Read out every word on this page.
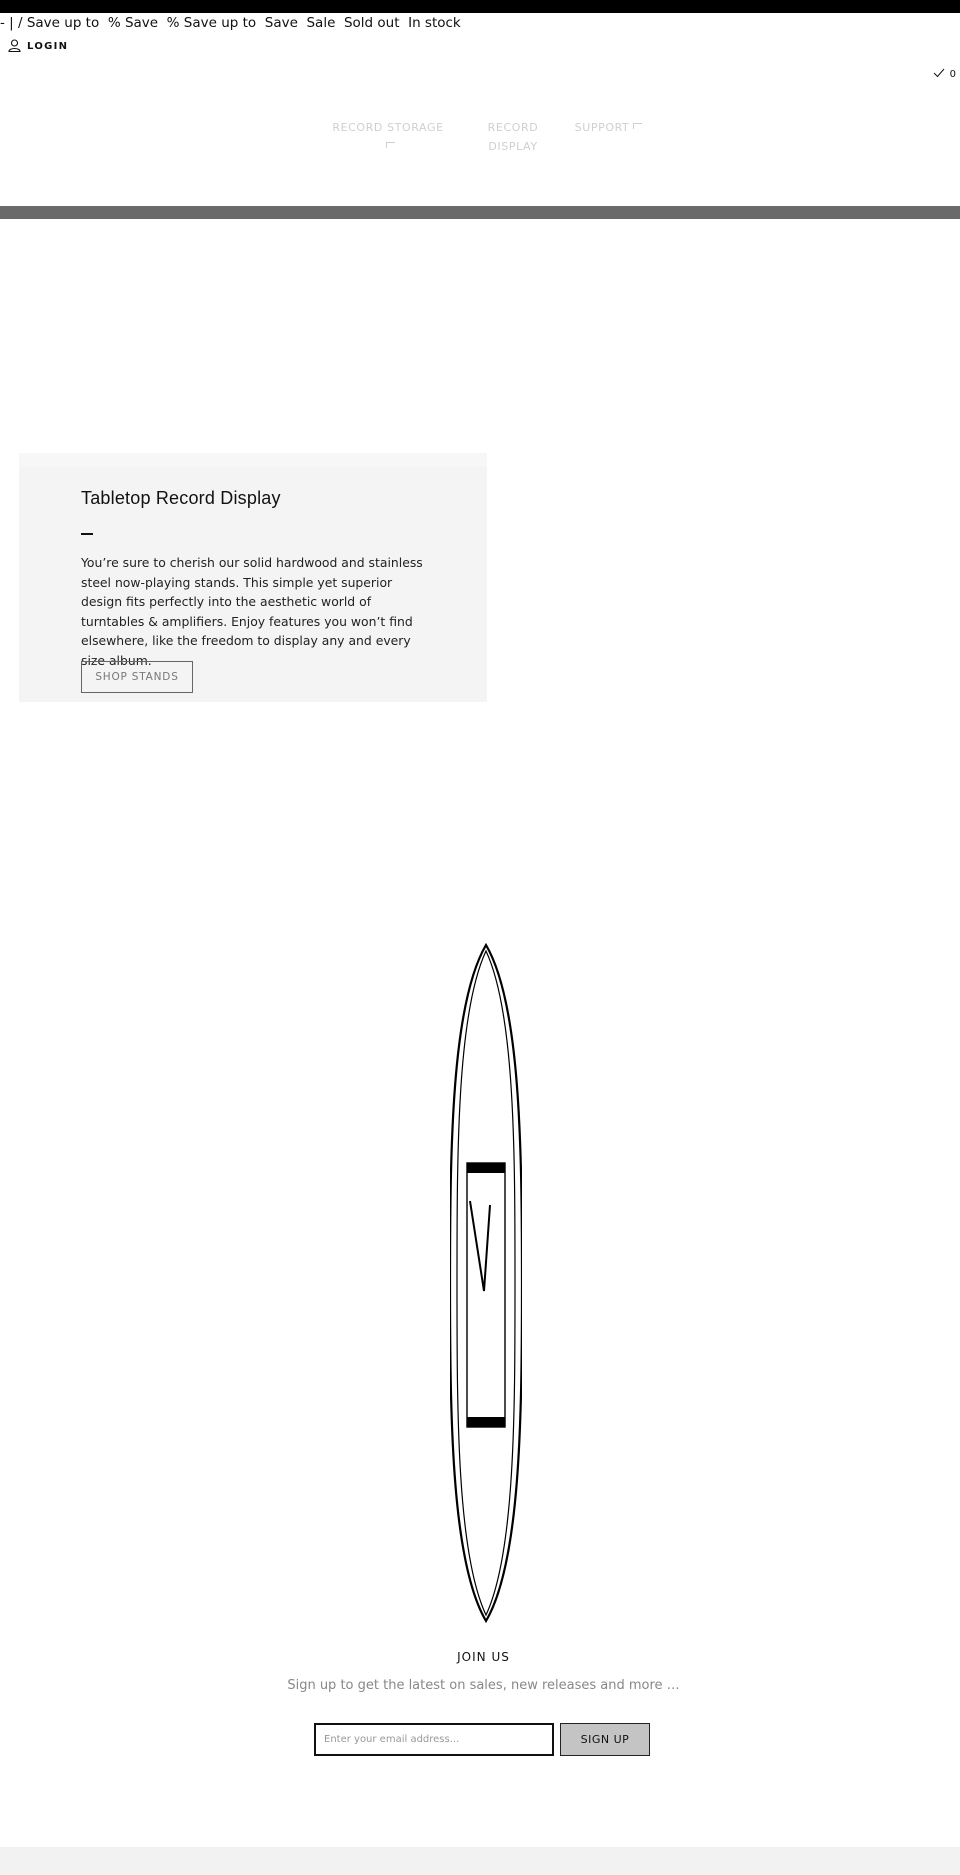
- | / Save up to  % Save  % Save up to  Save  Sale  Sold out  In stock
LOGIN
0
RECORD STORAGE	RECORD DISPLAY
SUPPORT
Tabletop Record Display

You’re sure to cherish our solid hardwood and stainless steel now-playing stands. This simple yet superior design fits perfectly into the aesthetic world of turntables & amplifiers. Enjoy features you won’t find elsewhere, like the freedom to display any and every size album.

SHOP STANDS
JOIN US
Sign up to get the latest on sales, new releases and more …
Enter your email address...
SIGN UP
